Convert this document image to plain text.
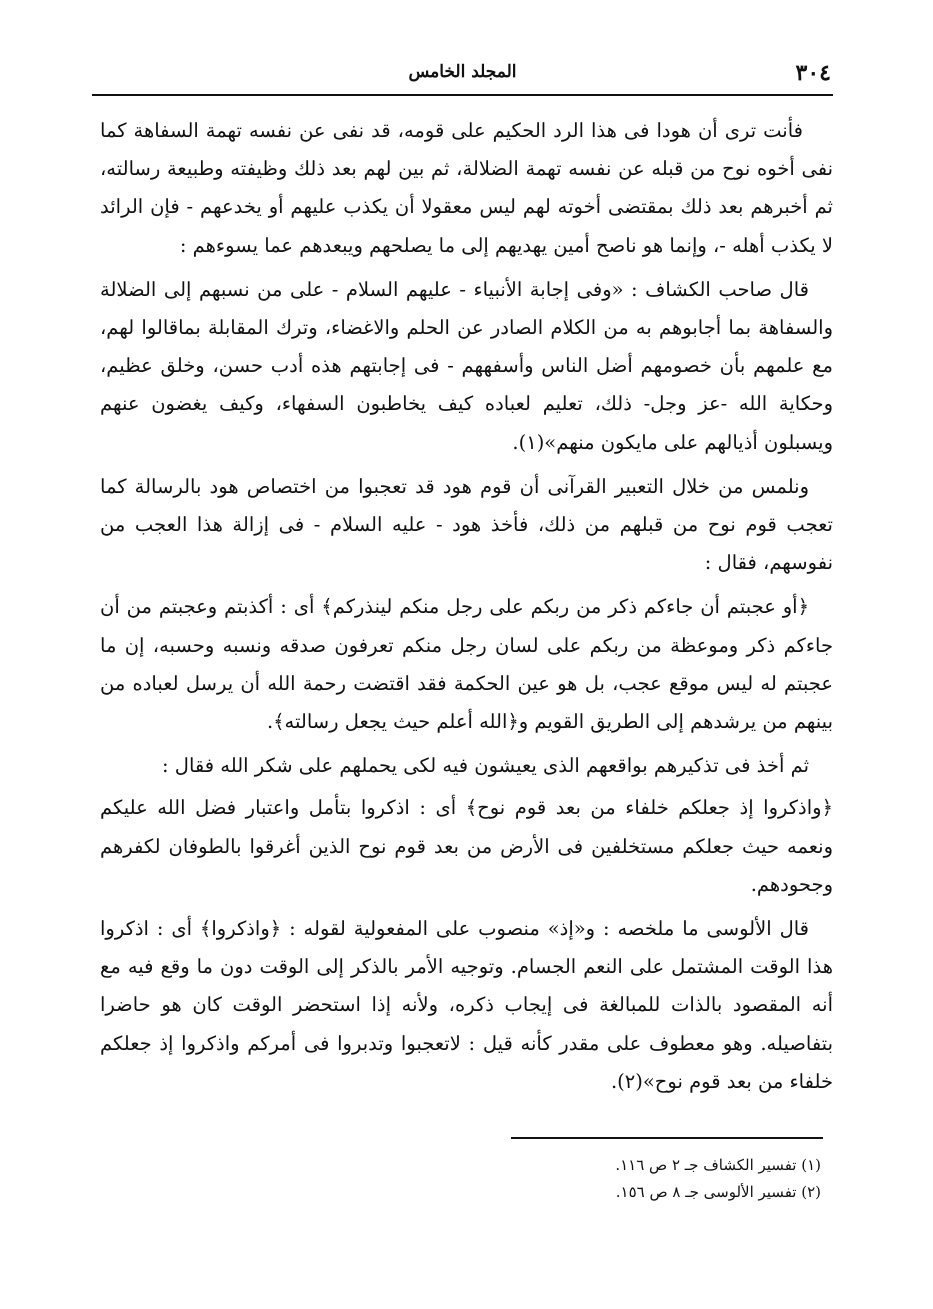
٣٠٤
المجلد الخامس

فأنت ترى أن هودا فى هذا الرد الحكيم على قومه، قد نفى عن نفسه تهمة السفاهة كما نفى أخوه نوح من قبله عن نفسه تهمة الضلالة، ثم بين لهم بعد ذلك وظيفته وطبيعة رسالته، ثم أخبرهم بعد ذلك بمقتضى أخوته لهم ليس معقولا أن يكذب عليهم أو يخدعهم - فإن الرائد لا يكذب أهله -، وإنما هو ناصح أمين يهديهم إلى ما يصلحهم ويبعدهم عما يسوءهم :

قال صاحب الكشاف : «وفى إجابة الأنبياء - عليهم السلام - على من نسبهم إلى الضلالة والسفاهة بما أجابوهم به من الكلام الصادر عن الحلم والاغضاء، وترك المقابلة بماقالوا لهم، مع علمهم بأن خصومهم أضل الناس وأسفههم - فى إجابتهم هذه أدب حسن، وخلق عظيم، وحكاية الله -عز وجل- ذلك، تعليم لعباده كيف يخاطبون السفهاء، وكيف يغضون عنهم ويسبلون أذيالهم على مايكون منهم»(١).

ونلمس من خلال التعبير القرآنى أن قوم هود قد تعجبوا من اختصاص هود بالرسالة كما تعجب قوم نوح من قبلهم من ذلك، فأخذ هود - عليه السلام - فى إزالة هذا العجب من نفوسهم، فقال :

﴿أو عجبتم أن جاءكم ذكر من ربكم على رجل منكم لينذركم﴾ أى : أكذبتم وعجبتم من أن جاءكم ذكر وموعظة من ربكم على لسان رجل منكم تعرفون صدقه ونسبه وحسبه، إن ما عجبتم له ليس موقع عجب، بل هو عين الحكمة فقد اقتضت رحمة الله أن يرسل لعباده من بينهم من يرشدهم إلى الطريق القويم و﴿الله أعلم حيث يجعل رسالته﴾.

ثم أخذ فى تذكيرهم بواقعهم الذى يعيشون فيه لكى يحملهم على شكر الله فقال :

﴿واذكروا إذ جعلكم خلفاء من بعد قوم نوح﴾ أى : اذكروا بتأمل واعتبار فضل الله عليكم ونعمه حيث جعلكم مستخلفين فى الأرض من بعد قوم نوح الذين أغرقوا بالطوفان لكفرهم وجحودهم.

قال الألوسى ما ملخصه : و«إذ» منصوب على المفعولية لقوله : ﴿واذكروا﴾ أى : اذكروا هذا الوقت المشتمل على النعم الجسام. وتوجيه الأمر بالذكر إلى الوقت دون ما وقع فيه مع أنه المقصود بالذات للمبالغة فى إيجاب ذكره، ولأنه إذا استحضر الوقت كان هو حاضرا بتفاصيله. وهو معطوف على مقدر كأنه قيل : لاتعجبوا وتدبروا فى أمركم واذكروا إذ جعلكم خلفاء من بعد قوم نوح»(٢).

(١) تفسير الكشاف جـ ٢ ص ١١٦.

(٢) تفسير الألوسى جـ ٨ ص ١٥٦.
